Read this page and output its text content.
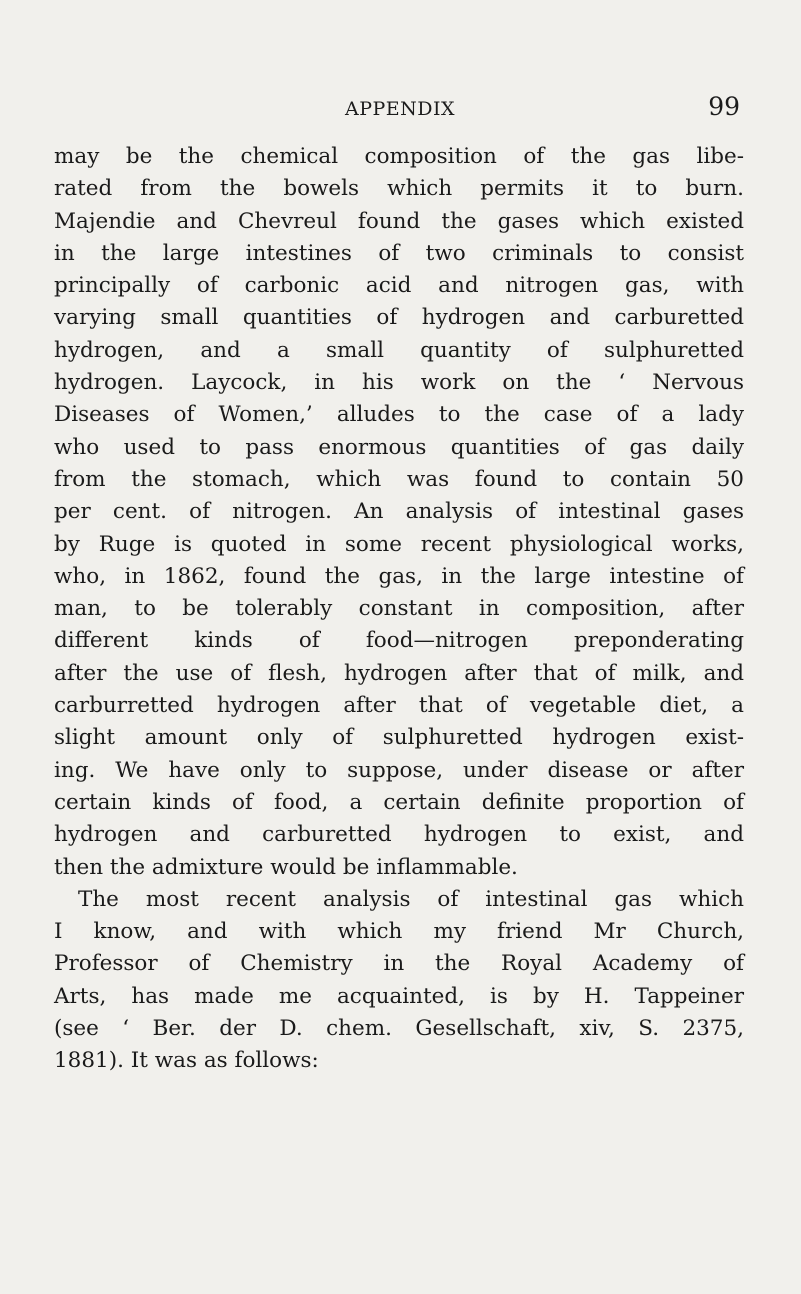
APPENDIX	99
may be the chemical composition of the gas libe-
rated from the bowels which permits it to burn.
Majendie and Chevreul found the gases which existed
in the large intestines of two criminals to consist
principally of carbonic acid and nitrogen gas, with
varying small quantities of hydrogen and carburetted
hydrogen, and a small quantity of sulphuretted
hydrogen. Laycock, in his work on the ‘ Nervous
Diseases of Women,’ alludes to the case of a lady
who used to pass enormous quantities of gas daily
from the stomach, which was found to contain 50
per cent. of nitrogen. An analysis of intestinal gases
by Ruge is quoted in some recent physiological works,
who, in 1862, found the gas, in the large intestine of
man, to be tolerably constant in composition, after
different kinds of food—nitrogen preponderating
after the use of flesh, hydrogen after that of milk, and
carburretted hydrogen after that of vegetable diet, a
slight amount only of sulphuretted hydrogen exist-
ing. We have only to suppose, under disease or after
certain kinds of food, a certain definite proportion of
hydrogen and carburetted hydrogen to exist, and
then the admixture would be inflammable.
The most recent analysis of intestinal gas which
I know, and with which my friend Mr Church,
Professor of Chemistry in the Royal Academy of
Arts, has made me acquainted, is by H. Tappeiner
(see ‘ Ber. der D. chem. Gesellschaft, xiv, S. 2375,
1881). It was as follows:
